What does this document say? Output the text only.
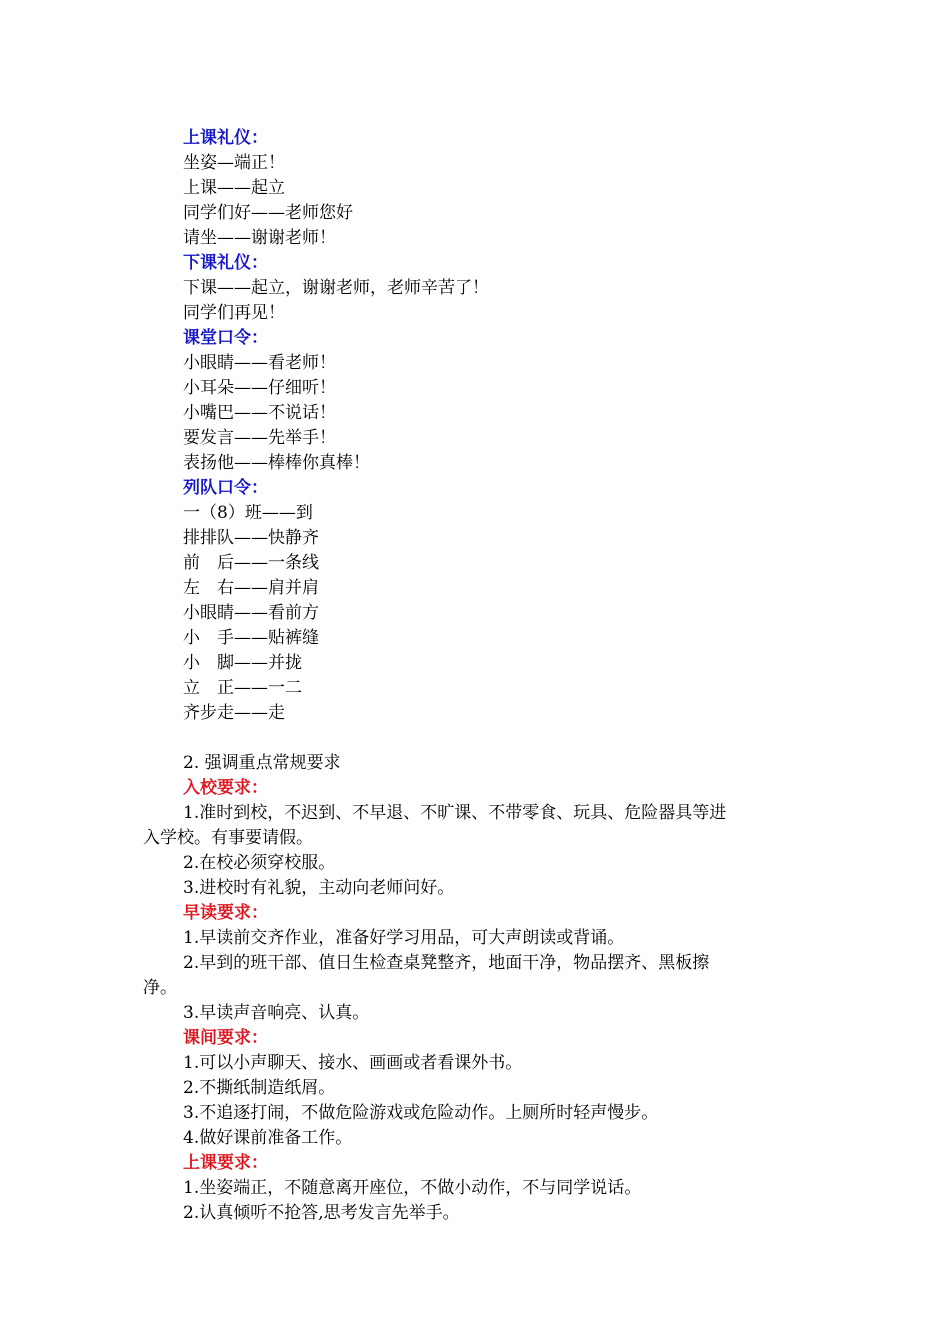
上课礼仪：
坐姿—端正！
上课——起立
同学们好——老师您好
请坐——谢谢老师！
下课礼仪：
下课——起立，谢谢老师，老师辛苦了！
同学们再见！
课堂口令：
小眼睛——看老师！
小耳朵——仔细听！
小嘴巴——不说话！
要发言——先举手！
表扬他——棒棒你真棒！
列队口令：
一（8）班——到
排排队——快静齐
前　后——一条线
左　右——肩并肩
小眼睛——看前方
小　手——贴裤缝
小　脚——并拢
立　正——一二
齐步走——走
2. 强调重点常规要求
入校要求：
1.准时到校，不迟到、不早退、不旷课、不带零食、玩具、危险器具等进
入学校。有事要请假。
2.在校必须穿校服。
3.进校时有礼貌，主动向老师问好。
早读要求：
1.早读前交齐作业，准备好学习用品，可大声朗读或背诵。
2.早到的班干部、值日生检查桌凳整齐，地面干净，物品摆齐、黑板擦
净。
3.早读声音响亮、认真。
课间要求：
1.可以小声聊天、接水、画画或者看课外书。
2.不撕纸制造纸屑。
3.不追逐打闹，不做危险游戏或危险动作。上厕所时轻声慢步。
4.做好课前准备工作。
上课要求：
1.坐姿端正，不随意离开座位，不做小动作，不与同学说话。
2.认真倾听不抢答,思考发言先举手。
